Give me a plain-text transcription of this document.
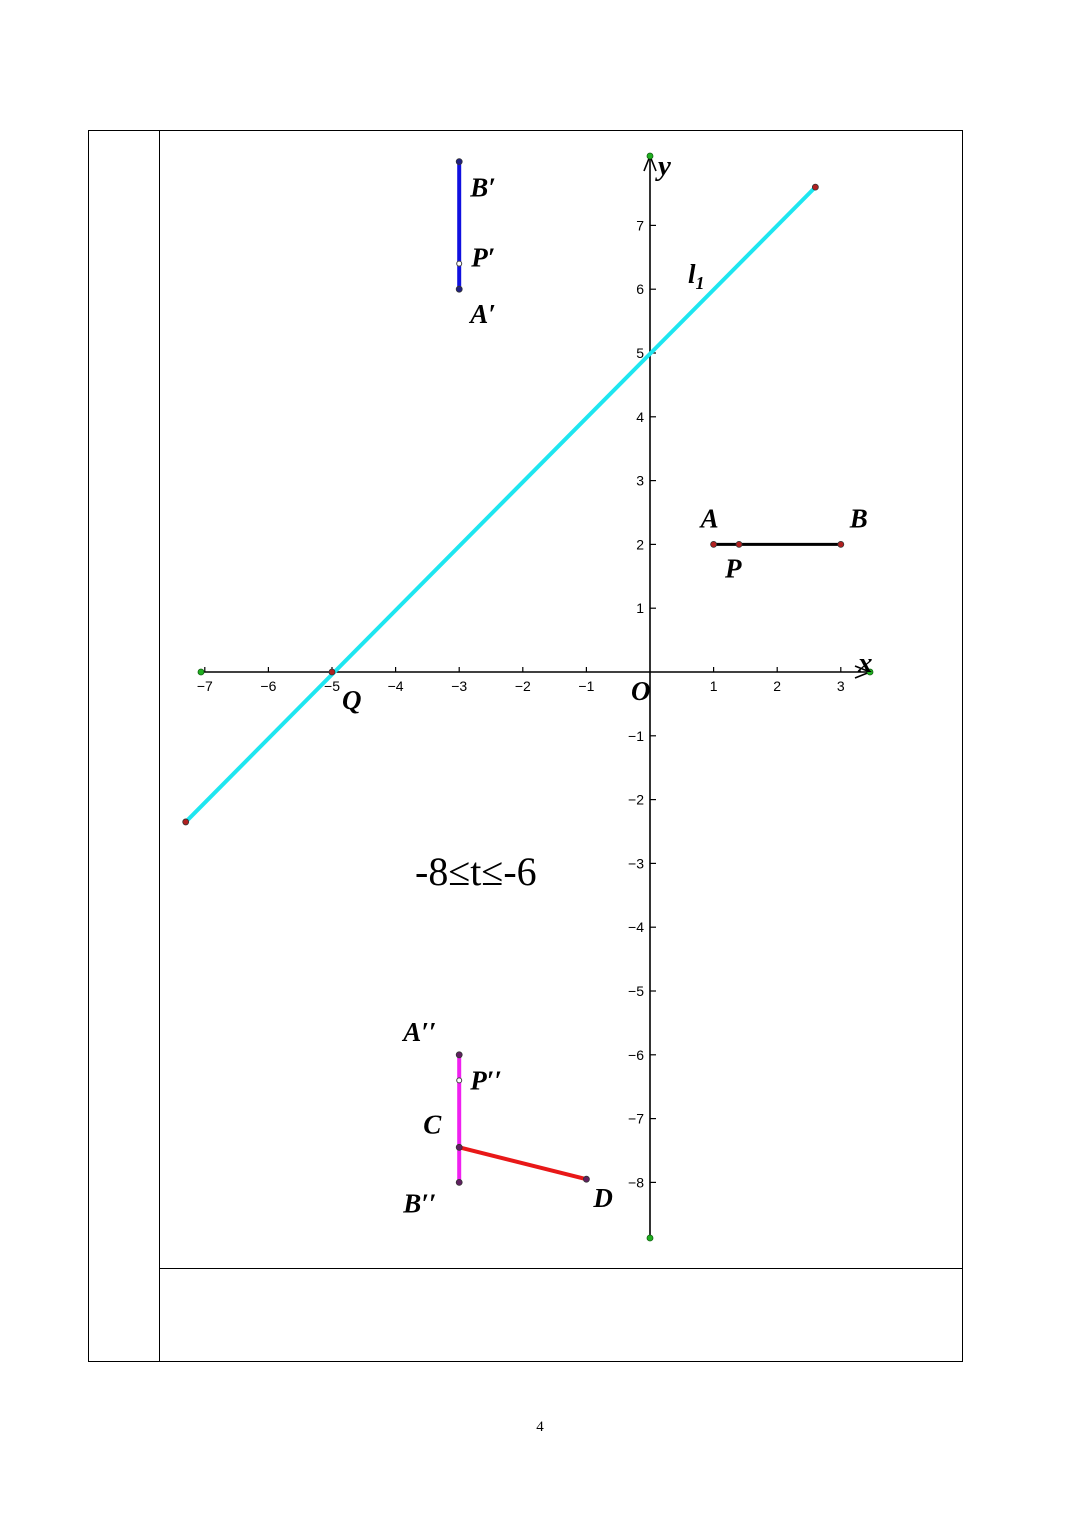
−7	−6	−5	−4	−3	−2	−1	1	2	3
7
6
5
4
3
2
1
−1
−2
−3
−4
−5
−6
−7
−8
x
y
O
$l_1$
A	B
P
Q
A′
B′
P′
A′′
B′′
P′′
C
D
-8≤t≤-6
4
